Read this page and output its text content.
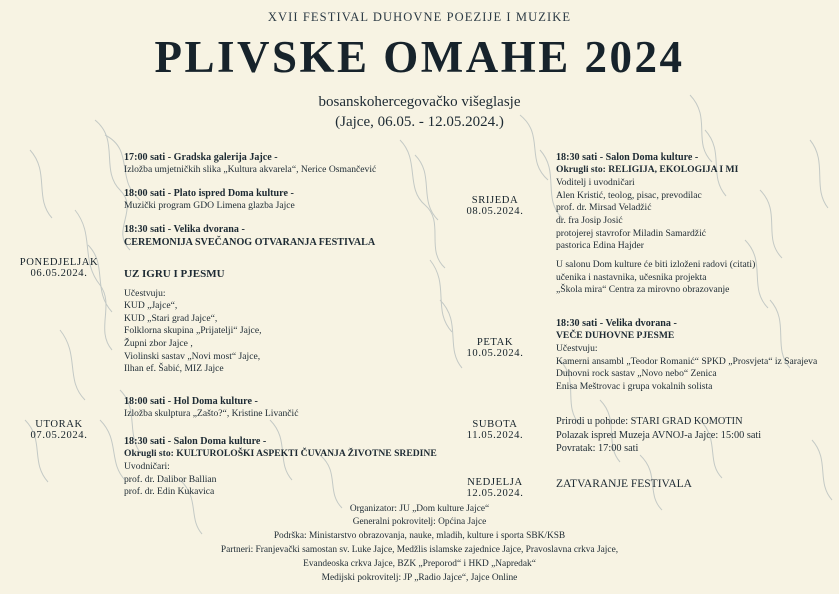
XVII FESTIVAL DUHOVNE POEZIJE I MUZIKE
PLIVSKE OMAHE 2024
bosanskohercegovačko višeglasje
(Jajce, 06.05. - 12.05.2024.)
PONEDJELJAK
06.05.2024.
17:00 sati - Gradska galerija Jajce -
Izložba umjetničkih slika „Kultura akvarela“, Nerice Osmančević
18:00 sati - Plato ispred Doma kulture -
Muzički program GDO Limena glazba Jajce
18:30 sati - Velika dvorana -
CEREMONIJA SVEČANOG OTVARANJA FESTIVALA
UZ IGRU I PJESMU
Učestvuju:
KUD „Jajce“,
KUD „Stari grad Jajce“,
Folklorna skupina „Prijatelji“ Jajce,
Župni zbor Jajce ,
Violinski sastav „Novi most“ Jajce,
Ilhan ef. Šabić, MIZ Jajce
UTORAK
07.05.2024.
18:00 sati - Hol Doma kulture -
Izložba skulptura „Zašto?“, Kristine Livančić
18:30 sati - Salon Doma kulture -
Okrugli sto: KULTUROLOŠKI ASPEKTI ČUVANJA ŽIVOTNE SREDINE
Uvodničari:
prof. dr. Dalibor Ballian
prof. dr. Edin Kukavica
SRIJEDA
08.05.2024.
18:30 sati - Salon Doma kulture -
Okrugli sto: RELIGIJA, EKOLOGIJA I MI
Voditelj i uvodničari
Alen Kristić, teolog, pisac, prevodilac
prof. dr. Mirsad Veladžić
dr. fra Josip Josić
protojerej stavrofor Miladin Samardžić
pastorica Edina Hajder
U salonu Dom kulture će biti izloženi radovi (citati)
učenika i nastavnika, učesnika projekta
„Škola mira“ Centra za mirovno obrazovanje
PETAK
10.05.2024.
18:30 sati - Velika dvorana -
VEČE DUHOVNE PJESME
Učestvuju:
Kamerni ansambl „Teodor Romanić“ SPKD „Prosvjeta“ iz Sarajeva
Duhovni rock sastav „Novo nebo“ Zenica
Enisa Meštrovac i grupa vokalnih solista
SUBOTA
11.05.2024.
Prirodi u pohode: STARI GRAD KOMOTIN
Polazak ispred Muzeja AVNOJ-a Jajce: 15:00 sati
Povratak: 17:00 sati
NEDJELJA
12.05.2024.
ZATVARANJE FESTIVALA
Organizator: JU „Dom kulture Jajce“
Generalni pokrovitelj: Općina Jajce
Podrška: Ministarstvo obrazovanja, nauke, mladih, kulture i sporta SBK/KSB
Partneri: Franjevački samostan sv. Luke Jajce, Medžlis islamske zajednice Jajce, Pravoslavna crkva Jajce,
Evandeoska crkva Jajce, BZK „Preporod“ i HKD „Napredak“
Medijski pokrovitelj: JP „Radio Jajce“, Jajce Online
